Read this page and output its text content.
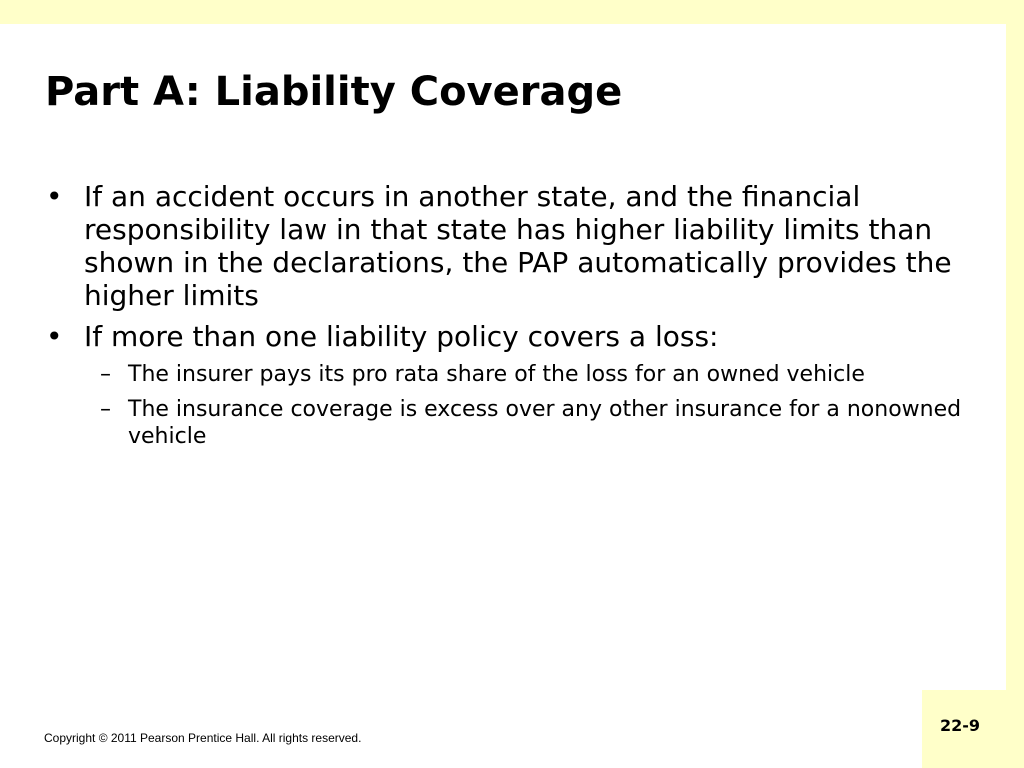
Part A: Liability Coverage
• If an accident occurs in another state, and the financial responsibility law in that state has higher liability limits than shown in the declarations, the PAP automatically provides the higher limits
• If more than one liability policy covers a loss:
– The insurer pays its pro rata share of the loss for an owned vehicle
– The insurance coverage is excess over any other insurance for a nonowned vehicle
Copyright © 2011 Pearson Prentice Hall. All rights reserved.
22-9
